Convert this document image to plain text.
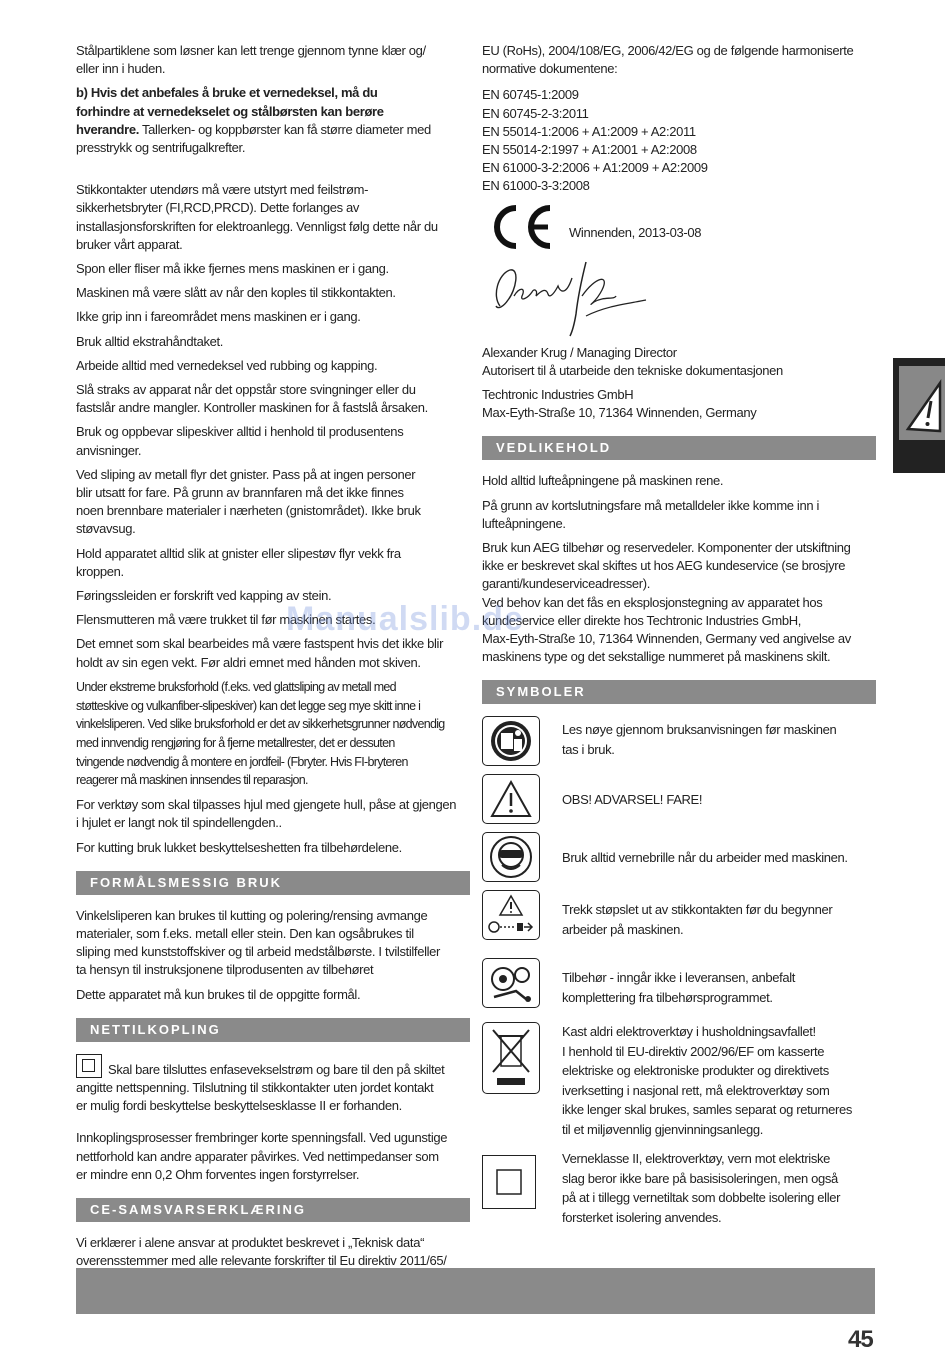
Stålpartiklene som løsner kan lett trenge gjennom tynne klær og/
eller inn i huden.

b) Hvis det anbefales å bruke et vernedeksel, må du
forhindre at vernedekselet og stålbørsten kan berøre
hverandre. Tallerken- og koppbørster kan få større diameter med
presstrykk og sentrifugalkrefter.

Stikkontakter utendørs må være utstyrt med feilstrøm-
sikkerhetsbryter (FI,RCD,PRCD). Dette forlanges av
installasjonsforskriften for elektroanlegg. Vennligst følg dette når du
bruker vårt apparat.

Spon eller fliser må ikke fjernes mens maskinen er i gang.

Maskinen må være slått av når den koples til stikkontakten.

Ikke grip inn i fareområdet mens maskinen er i gang.

Bruk alltid ekstrahåndtaket.

Arbeide alltid med vernedeksel ved rubbing og kapping.

Slå straks av apparat når det oppstår store svingninger eller du
fastslår andre mangler. Kontroller maskinen for å fastslå årsaken.

Bruk og oppbevar slipeskiver alltid i henhold til produsentens
anvisninger.

Ved sliping av metall flyr det gnister. Pass på at ingen personer
blir utsatt for fare. På grunn av brannfaren må det ikke finnes
noen brennbare materialer i nærheten (gnistområdet). Ikke bruk
støvavsug.

Hold apparatet alltid slik at gnister eller slipestøv flyr vekk fra
kroppen.

Føringssleiden er forskrift ved kapping av stein.

Flensmutteren må være trukket til før maskinen startes.

Det emnet som skal bearbeides må være fastspent hvis det ikke blir
holdt av sin egen vekt. Før aldri emnet med hånden mot skiven.

Under ekstreme bruksforhold (f.eks. ved glattsliping av metall med
støtteskive og vulkanfiber-slipeskiver) kan det legge seg mye skitt inne i
vinkelsliperen. Ved slike bruksforhold er det av sikkerhetsgrunner nødvendig
med innvendig rengjøring for å fjerne metallrester, det er dessuten
tvingende nødvendig å montere en jordfeil- (Fbryter. Hvis FI-bryteren
reagerer må maskinen innsendes til reparasjon.

For verktøy som skal tilpasses hjul med gjengete hull, påse at gjengen
i hjulet er langt nok til spindellengden..

For kutting bruk lukket beskyttelseshetten fra tilbehørdelene.

FORMÅLSMESSIG BRUK

Vinkelsliperen kan brukes til kutting og polering/rensing avmange
materialer, som f.eks. metall eller stein. Den kan ogsåbrukes til
sliping med kunststoffskiver og til arbeid medstålbørste. I tvilstilfeller
ta hensyn til instruksjonene tilprodusenten av tilbehøret

Dette apparatet må kun brukes til de oppgitte formål.

NETTILKOPLING

Skal bare tilsluttes enfasevekselstrøm og bare til den på skiltet
angitte nettspenning. Tilslutning til stikkontakter uten jordet kontakt
er mulig fordi beskyttelse beskyttelsesklasse II er forhanden.

Innkoplingsprosesser frembringer korte spenningsfall. Ved ugunstige
nettforhold kan andre apparater påvirkes. Ved nettimpedanser som
er mindre enn 0,2 Ohm forventes ingen forstyrrelser.

CE-SAMSVARSERKLÆRING

Vi erklærer i alene ansvar at produktet beskrevet i „Teknisk data“
overensstemmer med alle relevante forskrifter til Eu direktiv 2011/65/

EU (RoHs), 2004/108/EG, 2006/42/EG og de følgende harmoniserte
normative dokumentene:

EN 60745-1:2009
EN 60745-2-3:2011
EN 55014-1:2006 + A1:2009 + A2:2011
EN 55014-2:1997 + A1:2001 + A2:2008
EN 61000-3-2:2006 + A1:2009 + A2:2009
EN 61000-3-3:2008

Winnenden, 2013-03-08

Alexander Krug / Managing Director
Autorisert til å utarbeide den tekniske dokumentasjonen

Techtronic Industries GmbH
Max-Eyth-Straße 10, 71364 Winnenden, Germany

VEDLIKEHOLD

Hold alltid lufteåpningene på maskinen rene.

På grunn av kortslutningsfare må metalldeler ikke komme inn i
lufteåpningene.

Bruk kun AEG tilbehør og reservedeler. Komponenter der utskiftning
ikke er beskrevet skal skiftes ut hos AEG kundeservice (se brosjyre
garanti/kundeserviceadresser).
Ved behov kan det fås en eksplosjonstegning av apparatet hos
kundeservice eller direkte hos Techtronic Industries GmbH,
Max-Eyth-Straße 10, 71364 Winnenden, Germany ved angivelse av
maskinens type og det sekstallige nummeret på maskinens skilt.

SYMBOLER
Les nøye gjennom bruksanvisningen før maskinen
tas i bruk.
OBS! ADVARSEL! FARE!
Bruk alltid vernebrille når du arbeider med maskinen.
Trekk støpslet ut av stikkontakten før du begynner
arbeider på maskinen.
Tilbehør - inngår ikke i leveransen, anbefalt
komplettering fra tilbehørsprogrammet.
Kast aldri elektroverktøy i husholdningsavfallet!
I henhold til EU-direktiv 2002/96/EF om kasserte
elektriske og elektroniske produkter og direktivets
iverksetting i nasjonal rett, må elektroverktøy som
ikke lenger skal brukes, samles separat og returneres
til et miljøvennlig gjenvinningsanlegg.
Verneklasse II, elektroverktøy, vern mot elektriske
slag beror ikke bare på basisisoleringen, men også
på at i tillegg vernetiltak som dobbelte isolering eller
forsterket isolering anvendes.
Manualslib.de
45
